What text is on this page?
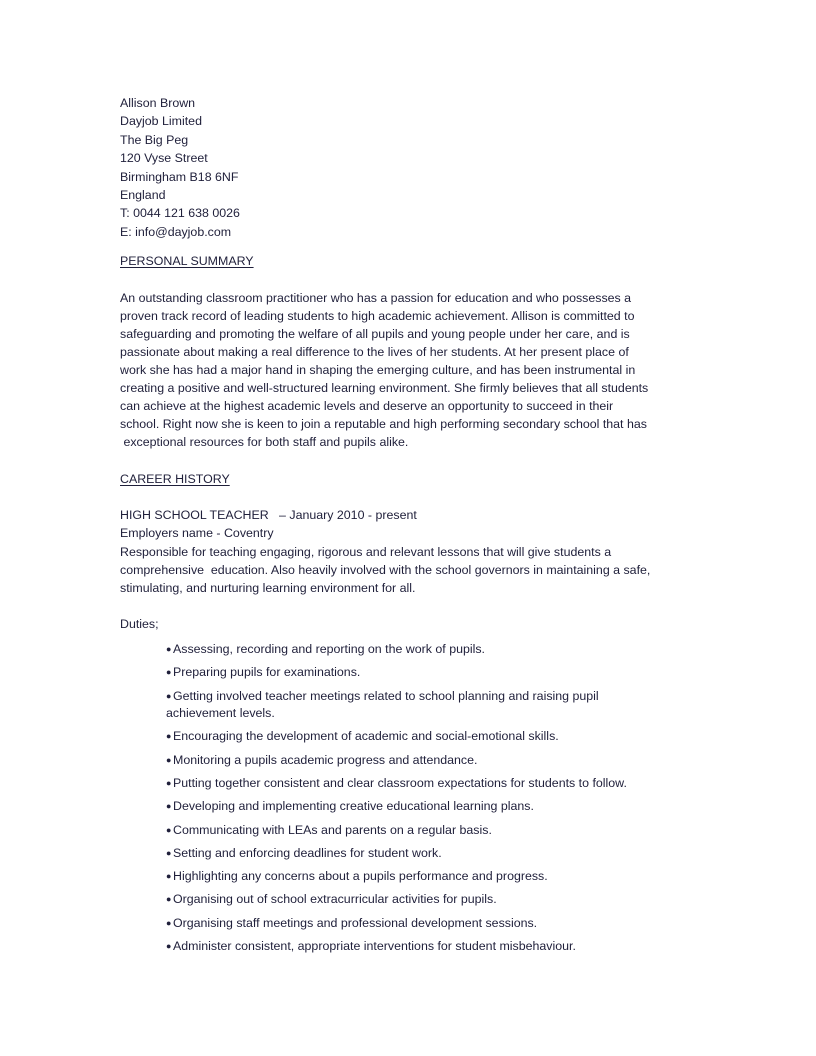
Allison Brown
Dayjob Limited
The Big Peg
120 Vyse Street
Birmingham B18 6NF
England
T: 0044 121 638 0026
E: info@dayjob.com
PERSONAL SUMMARY
An outstanding classroom practitioner who has a passion for education and who possesses a
proven track record of leading students to high academic achievement. Allison is committed to
safeguarding and promoting the welfare of all pupils and young people under her care, and is
passionate about making a real difference to the lives of her students. At her present place of
work she has had a major hand in shaping the emerging culture, and has been instrumental in
creating a positive and well-structured learning environment. She firmly believes that all students
can achieve at the highest academic levels and deserve an opportunity to succeed in their
school. Right now she is keen to join a reputable and high performing secondary school that has
exceptional resources for both staff and pupils alike.
CAREER HISTORY
HIGH SCHOOL TEACHER   – January 2010 - present
Employers name - Coventry
Responsible for teaching engaging, rigorous and relevant lessons that will give students a
comprehensive  education. Also heavily involved with the school governors in maintaining a safe,
stimulating, and nurturing learning environment for all.
Duties;
● Assessing, recording and reporting on the work of pupils.
● Preparing pupils for examinations.
● Getting involved teacher meetings related to school planning and raising pupil achievement levels.
● Encouraging the development of academic and social-emotional skills.
● Monitoring a pupils academic progress and attendance.
● Putting together consistent and clear classroom expectations for students to follow.
● Developing and implementing creative educational learning plans.
● Communicating with LEAs and parents on a regular basis.
● Setting and enforcing deadlines for student work.
● Highlighting any concerns about a pupils performance and progress.
● Organising out of school extracurricular activities for pupils.
● Organising staff meetings and professional development sessions.
● Administer consistent, appropriate interventions for student misbehaviour.
